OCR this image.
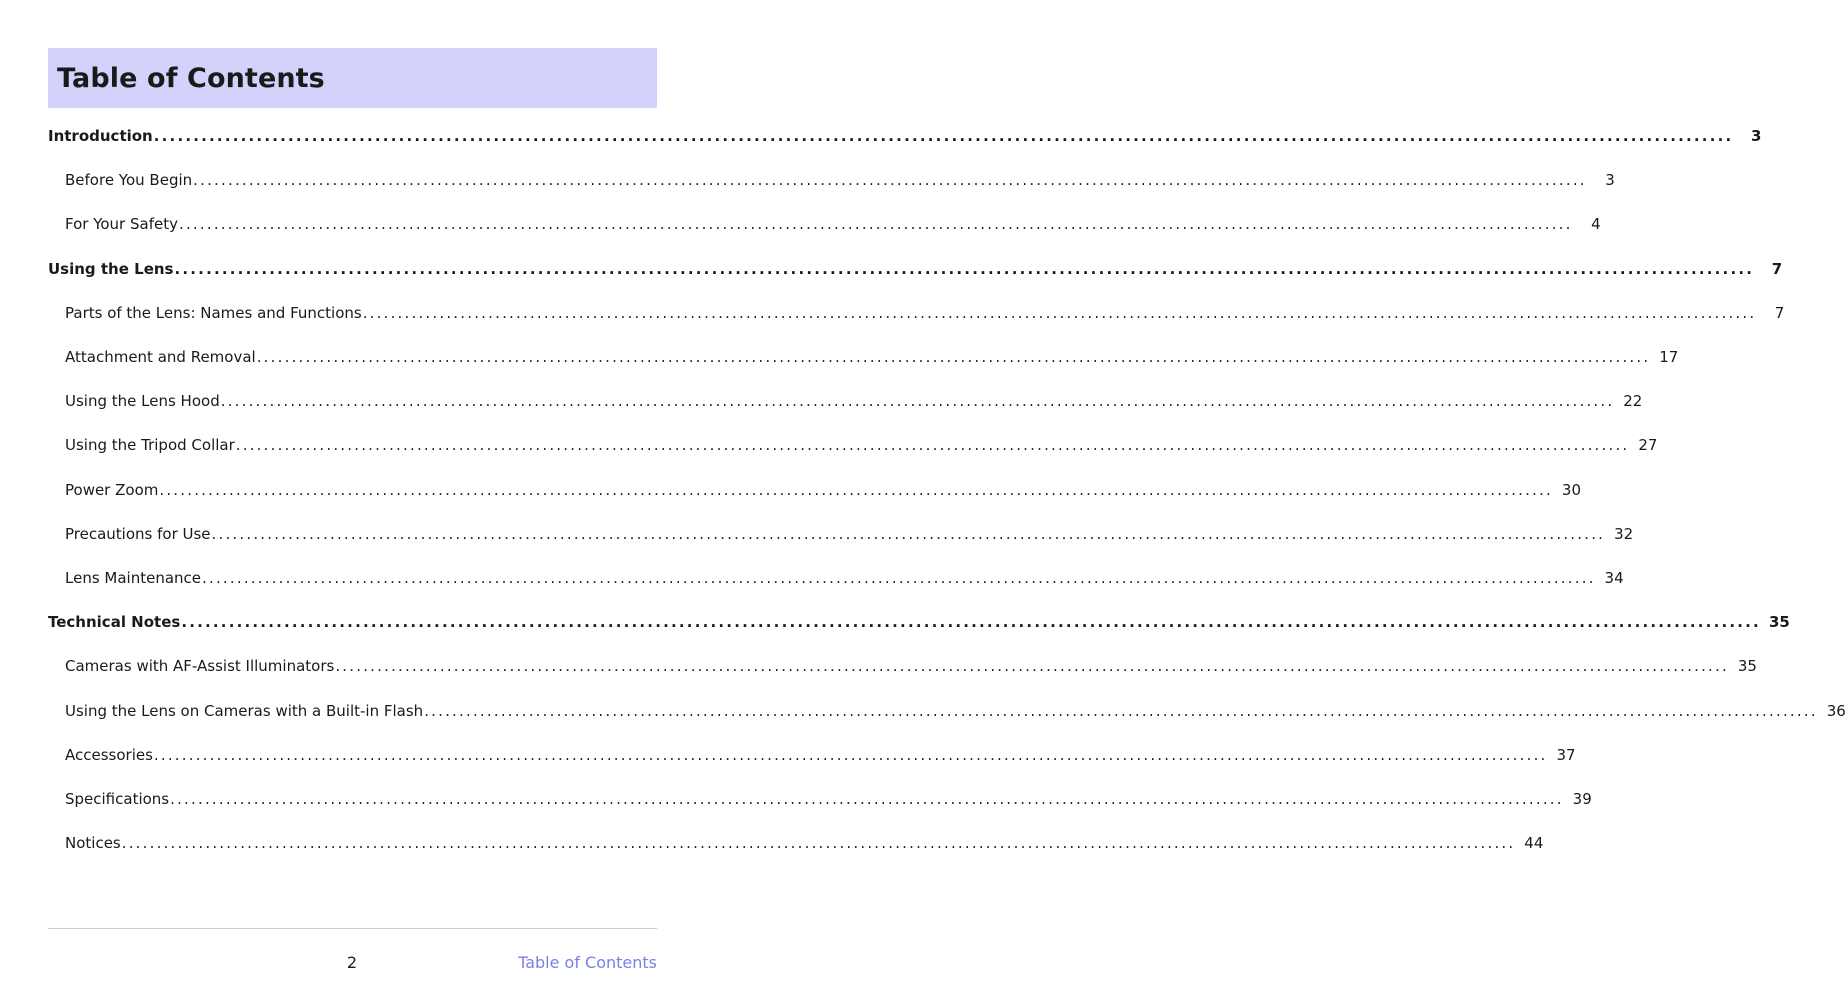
Table of Contents
Introduction ........................................................................................................................................................................................................	3
Before You Begin ........................................................................................................................................................................................................	3
For Your Safety ........................................................................................................................................................................................................	4
Using the Lens ........................................................................................................................................................................................................	7
Parts of the Lens: Names and Functions ........................................................................................................................................................................................................	7
Attachment and Removal ........................................................................................................................................................................................................ 17
Using the Lens Hood ........................................................................................................................................................................................................ 22
Using the Tripod Collar ........................................................................................................................................................................................................ 27
Power Zoom ........................................................................................................................................................................................................ 30
Precautions for Use ........................................................................................................................................................................................................ 32
Lens Maintenance ........................................................................................................................................................................................................ 34
Technical Notes ........................................................................................................................................................................................................ 35
Cameras with AF-Assist Illuminators ........................................................................................................................................................................................................ 35
Using the Lens on Cameras with a Built-in Flash ........................................................................................................................................................................................................ 36
Accessories ........................................................................................................................................................................................................ 37
Specifications ........................................................................................................................................................................................................ 39
Notices ........................................................................................................................................................................................................ 44
2	Table of Contents
